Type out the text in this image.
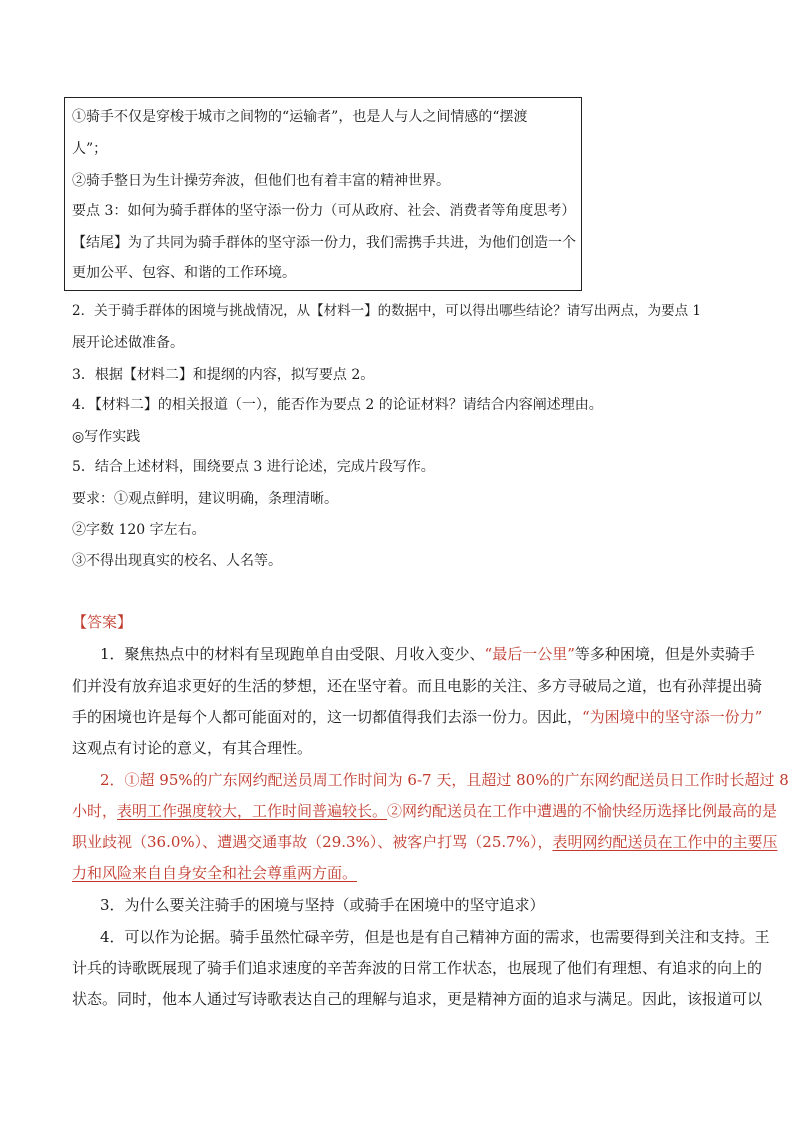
①骑手不仅是穿梭于城市之间物的“运输者”，也是人与人之间情感的“摆渡
人”；
②骑手整日为生计操劳奔波，但他们也有着丰富的精神世界。
要点 3：如何为骑手群体的坚守添一份力（可从政府、社会、消费者等角度思考）
【结尾】为了共同为骑手群体的坚守添一份力，我们需携手共进，为他们创造一个
更加公平、包容、和谐的工作环境。
2．关于骑手群体的困境与挑战情况，从【材料一】的数据中，可以得出哪些结论？请写出两点，为要点 1
展开论述做准备。
3．根据【材料二】和提纲的内容，拟写要点 2。
4．【材料二】的相关报道（一），能否作为要点 2 的论证材料？请结合内容阐述理由。
◎写作实践
5．结合上述材料，围绕要点 3 进行论述，完成片段写作。
要求：①观点鲜明，建议明确，条理清晰。
②字数 120 字左右。
③不得出现真实的校名、人名等。
【答案】
1．聚焦热点中的材料有呈现跑单自由受限、月收入变少、“最后一公里”等多种困境，但是外卖骑手
们并没有放弃追求更好的生活的梦想，还在坚守着。而且电影的关注、多方寻破局之道，也有孙萍提出骑
手的困境也许是每个人都可能面对的，这一切都值得我们去添一份力。因此，“为困境中的坚守添一份力”
这观点有讨论的意义，有其合理性。
2．①超 95%的广东网约配送员周工作时间为 6-7 天，且超过 80%的广东网约配送员日工作时长超过 8
小时，表明工作强度较大，工作时间普遍较长。②网约配送员在工作中遭遇的不愉快经历选择比例最高的是
职业歧视（36.0%）、遭遇交通事故（29.3%）、被客户打骂（25.7%），表明网约配送员在工作中的主要压
力和风险来自自身安全和社会尊重两方面。
3．为什么要关注骑手的困境与坚持（或骑手在困境中的坚守追求）
4．可以作为论据。骑手虽然忙碌辛劳，但是也是有自己精神方面的需求，也需要得到关注和支持。王
计兵的诗歌既展现了骑手们追求速度的辛苦奔波的日常工作状态，也展现了他们有理想、有追求的向上的
状态。同时，他本人通过写诗歌表达自己的理解与追求，更是精神方面的追求与满足。因此，该报道可以
